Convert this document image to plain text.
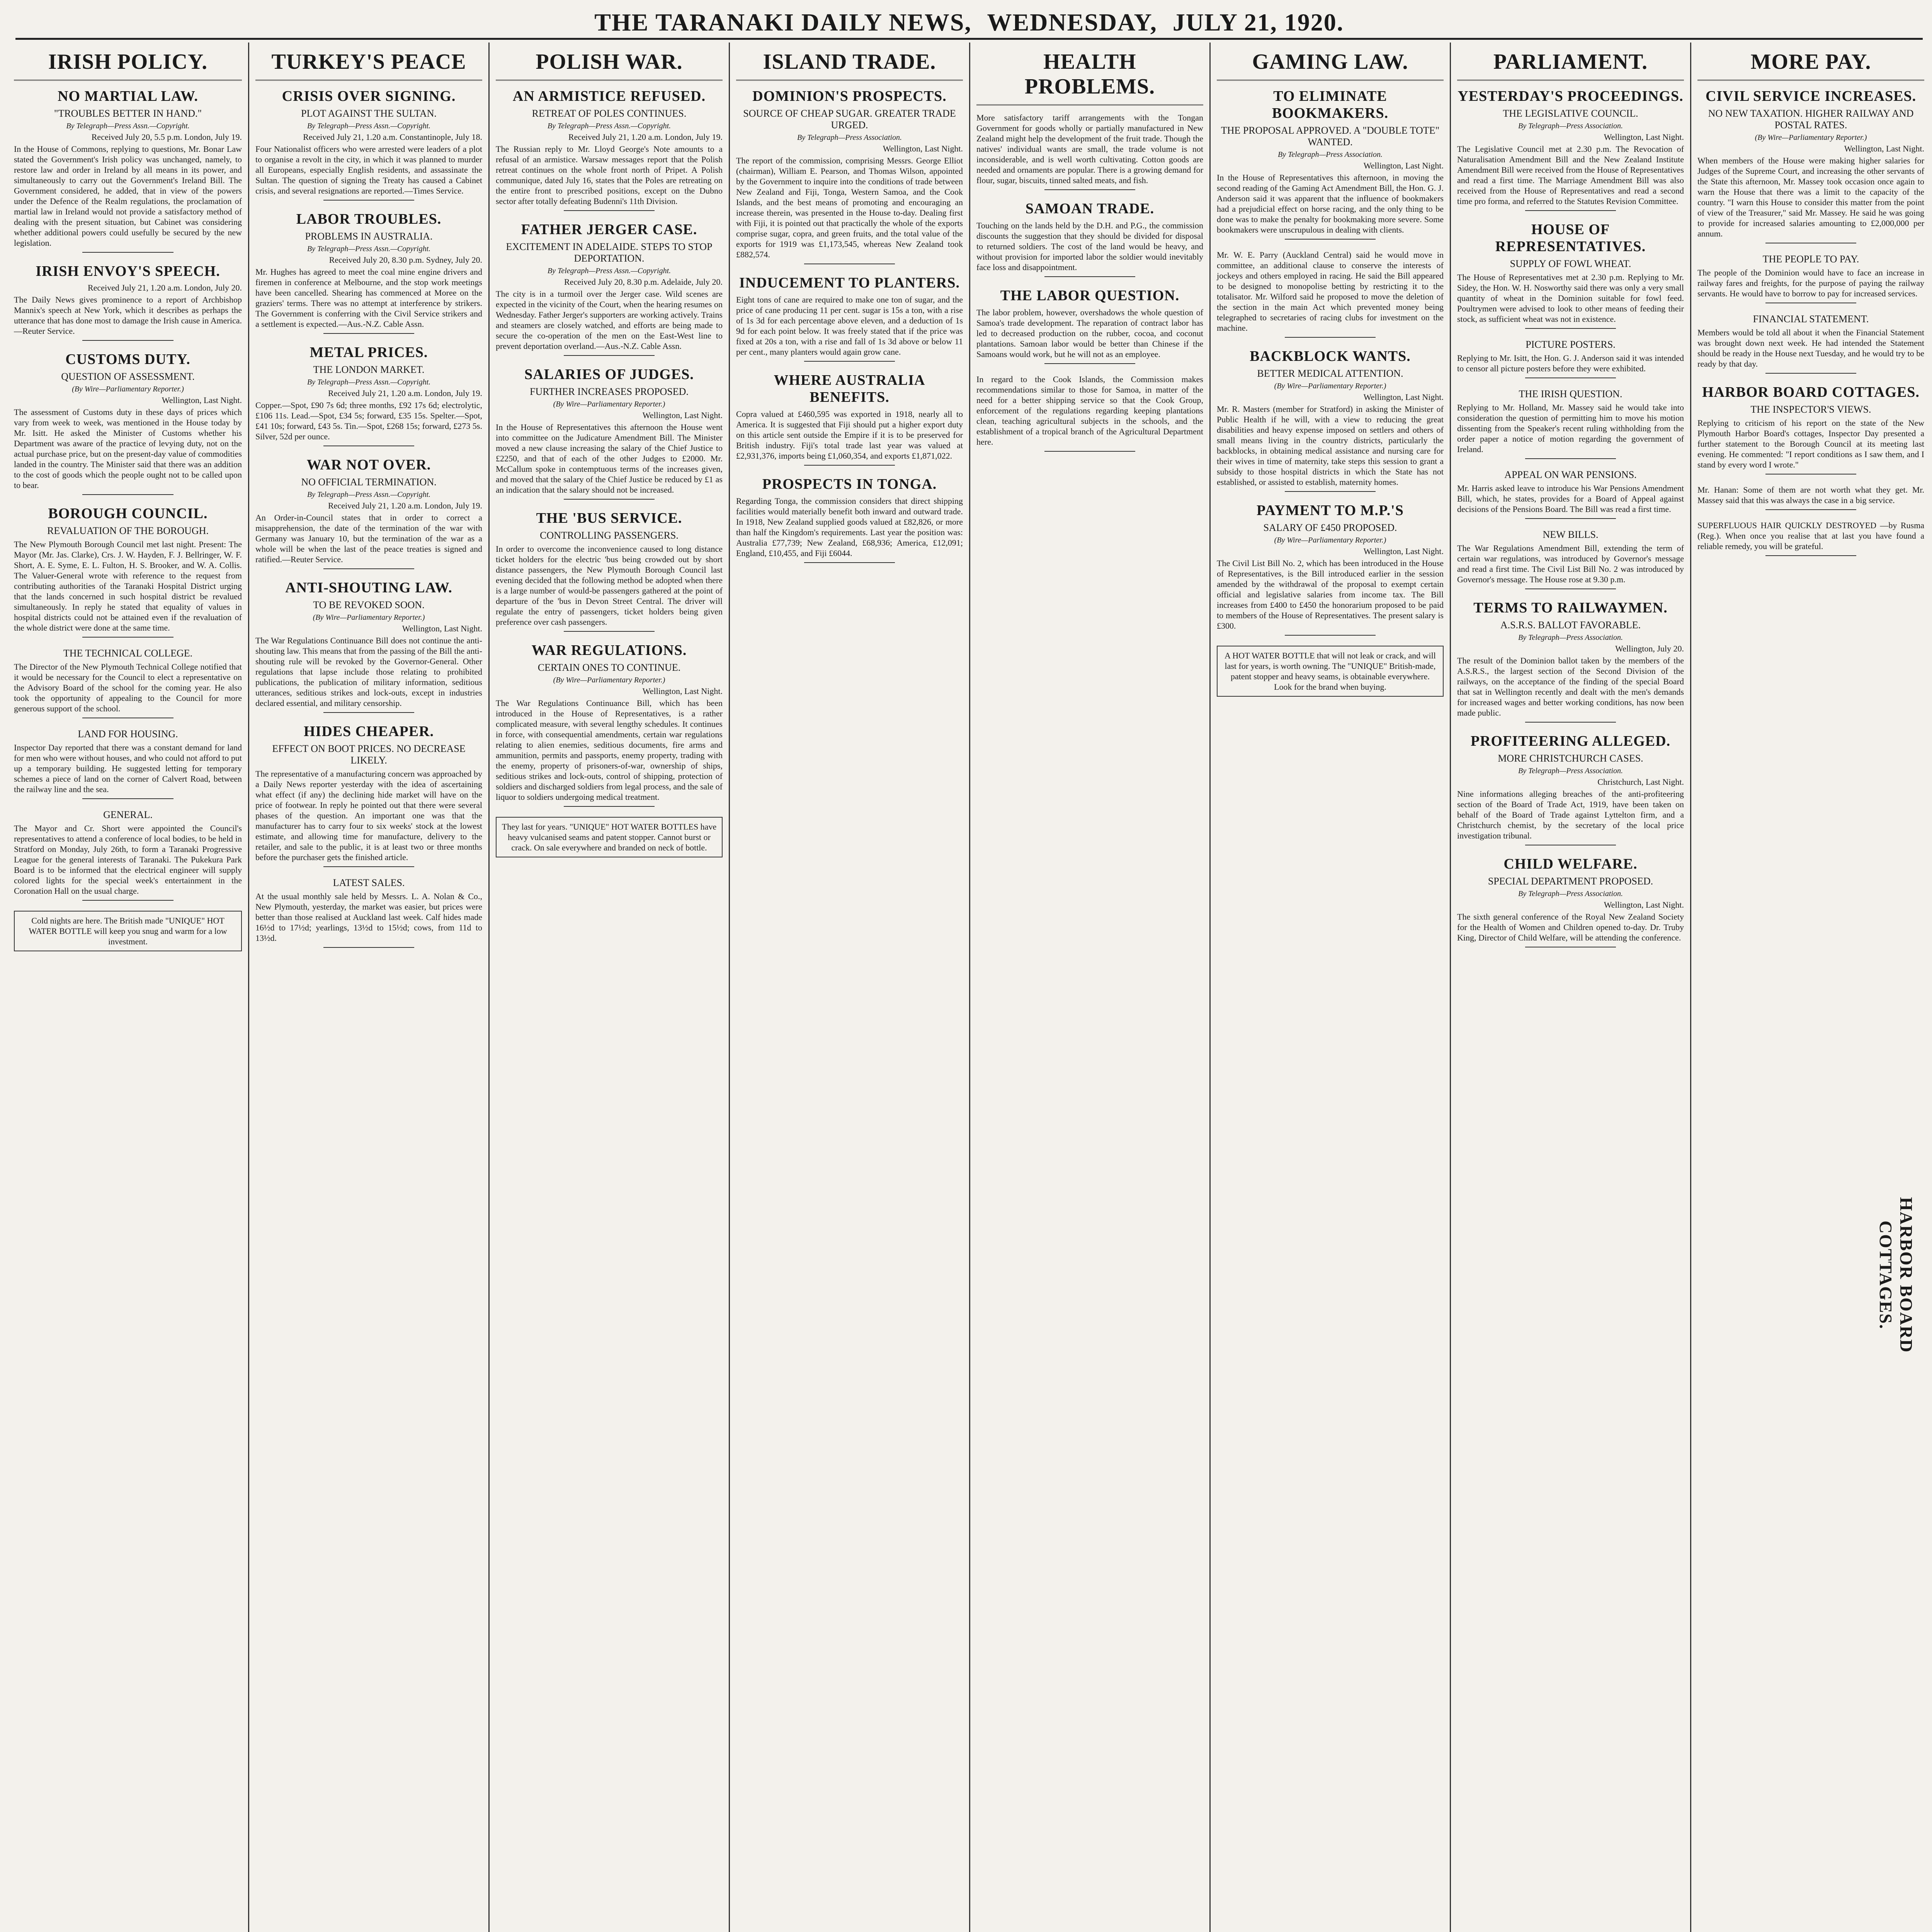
THE TARANAKI DAILY NEWS, WEDNESDAY, JULY 21, 1920.
IRISH POLICY.
NO MARTIAL LAW.
"TROUBLES BETTER IN HAND."
By Telegraph—Press Assn.—Copyright.
Received July 20, 5.5 p.m. London, July 19.
In the House of Commons, replying to questions, Mr. Bonar Law stated the Government's Irish policy was unchanged, namely, to restore law and order in Ireland by all means in its power, and simultaneously to carry out the Government's Ireland Bill. The Government considered, he added, that in view of the powers under the Defence of the Realm regulations, the proclamation of martial law in Ireland would not provide a satisfactory method of dealing with the present situation, but Cabinet was considering whether additional powers could usefully be secured by the new legislation.
IRISH ENVOY'S SPEECH.
Received July 21, 1.20 a.m. London, July 20.
The Daily News gives prominence to a report of Archbishop Mannix's speech at New York, which it describes as perhaps the utterance that has done most to damage the Irish cause in America.—Reuter Service.
CUSTOMS DUTY.
QUESTION OF ASSESSMENT.
(By Wire—Parliamentary Reporter.)
Wellington, Last Night.
The assessment of Customs duty in these days of prices which vary from week to week, was mentioned in the House today by Mr. Isitt. He asked the Minister of Customs whether his Department was aware of the practice of levying duty, not on the actual purchase price, but on the present-day value of commodities landed in the country. The Minister said that there was an addition to the cost of goods which the people ought not to be called upon to bear.
BOROUGH COUNCIL.
REVALUATION OF THE BOROUGH.
The New Plymouth Borough Council met last night. Present: The Mayor (Mr. Jas. Clarke), Crs. J. W. Hayden, F. J. Bellringer, W. F. Short, A. E. Syme, E. L. Fulton, H. S. Brooker, and W. A. Collis. The Valuer-General wrote with reference to the request from contributing authorities of the Taranaki Hospital District urging that the lands concerned in such hospital district be revalued simultaneously. In reply he stated that equality of values in hospital districts could not be attained even if the revaluation of the whole district were done at the same time.
THE TECHNICAL COLLEGE.
The Director of the New Plymouth Technical College notified that it would be necessary for the Council to elect a representative on the Advisory Board of the school for the coming year. He also took the opportunity of appealing to the Council for more generous support of the school.
LAND FOR HOUSING.
Inspector Day reported that there was a constant demand for land for men who were without houses, and who could not afford to put up a temporary building. He suggested letting for temporary schemes a piece of land on the corner of Calvert Road, between the railway line and the sea.
GENERAL.
The Mayor and Cr. Short were appointed the Council's representatives to attend a conference of local bodies, to be held in Stratford on Monday, July 26th, to form a Taranaki Progressive League for the general interests of Taranaki. The Pukekura Park Board is to be informed that the electrical engineer will supply colored lights for the special week's entertainment in the Coronation Hall on the usual charge.
Cold nights are here. The British made "UNIQUE" HOT WATER BOTTLE will keep you snug and warm for a low investment.
TURKEY'S PEACE
CRISIS OVER SIGNING.
PLOT AGAINST THE SULTAN.
By Telegraph—Press Assn.—Copyright.
Received July 21, 1.20 a.m. Constantinople, July 18.
Four Nationalist officers who were arrested were leaders of a plot to organise a revolt in the city, in which it was planned to murder all Europeans, especially English residents, and assassinate the Sultan. The question of signing the Treaty has caused a Cabinet crisis, and several resignations are reported.—Times Service.
LABOR TROUBLES.
PROBLEMS IN AUSTRALIA.
By Telegraph—Press Assn.—Copyright.
Received July 20, 8.30 p.m. Sydney, July 20.
Mr. Hughes has agreed to meet the coal mine engine drivers and firemen in conference at Melbourne, and the stop work meetings have been cancelled. Shearing has commenced at Moree on the graziers' terms. There was no attempt at interference by strikers. The Government is conferring with the Civil Service strikers and a settlement is expected.—Aus.-N.Z. Cable Assn.
METAL PRICES.
THE LONDON MARKET.
By Telegraph—Press Assn.—Copyright.
Received July 21, 1.20 a.m. London, July 19.
Copper.—Spot, £90 7s 6d; three months, £92 17s 6d; electrolytic, £106 11s. Lead.—Spot, £34 5s; forward, £35 15s. Spelter.—Spot, £41 10s; forward, £43 5s. Tin.—Spot, £268 15s; forward, £273 5s. Silver, 52d per ounce.
WAR NOT OVER.
NO OFFICIAL TERMINATION.
By Telegraph—Press Assn.—Copyright.
Received July 21, 1.20 a.m. London, July 19.
An Order-in-Council states that in order to correct a misapprehension, the date of the termination of the war with Germany was January 10, but the termination of the war as a whole will be when the last of the peace treaties is signed and ratified.—Reuter Service.
ANTI-SHOUTING LAW.
TO BE REVOKED SOON.
(By Wire—Parliamentary Reporter.)
Wellington, Last Night.
The War Regulations Continuance Bill does not continue the anti-shouting law. This means that from the passing of the Bill the anti-shouting rule will be revoked by the Governor-General. Other regulations that lapse include those relating to prohibited publications, the publication of military information, seditious utterances, seditious strikes and lock-outs, except in industries declared essential, and military censorship.
HIDES CHEAPER.
EFFECT ON BOOT PRICES. NO DECREASE LIKELY.
The representative of a manufacturing concern was approached by a Daily News reporter yesterday with the idea of ascertaining what effect (if any) the declining hide market will have on the price of footwear. In reply he pointed out that there were several phases of the question. An important one was that the manufacturer has to carry four to six weeks' stock at the lowest estimate, and allowing time for manufacture, delivery to the retailer, and sale to the public, it is at least two or three months before the purchaser gets the finished article.
LATEST SALES.
At the usual monthly sale held by Messrs. L. A. Nolan & Co., New Plymouth, yesterday, the market was easier, but prices were better than those realised at Auckland last week. Calf hides made 16½d to 17½d; yearlings, 13½d to 15½d; cows, from 11d to 13½d.
POLISH WAR.
AN ARMISTICE REFUSED.
RETREAT OF POLES CONTINUES.
By Telegraph—Press Assn.—Copyright.
Received July 21, 1.20 a.m. London, July 19.
The Russian reply to Mr. Lloyd George's Note amounts to a refusal of an armistice. Warsaw messages report that the Polish retreat continues on the whole front north of Pripet. A Polish communique, dated July 16, states that the Poles are retreating on the entire front to prescribed positions, except on the Dubno sector after totally defeating Budenni's 11th Division.
FATHER JERGER CASE.
EXCITEMENT IN ADELAIDE. STEPS TO STOP DEPORTATION.
By Telegraph—Press Assn.—Copyright.
Received July 20, 8.30 p.m. Adelaide, July 20.
The city is in a turmoil over the Jerger case. Wild scenes are expected in the vicinity of the Court, when the hearing resumes on Wednesday. Father Jerger's supporters are working actively. Trains and steamers are closely watched, and efforts are being made to secure the co-operation of the men on the East-West line to prevent deportation overland.—Aus.-N.Z. Cable Assn.
SALARIES OF JUDGES.
FURTHER INCREASES PROPOSED.
(By Wire—Parliamentary Reporter.)
Wellington, Last Night.
In the House of Representatives this afternoon the House went into committee on the Judicature Amendment Bill. The Minister moved a new clause increasing the salary of the Chief Justice to £2250, and that of each of the other Judges to £2000. Mr. McCallum spoke in contemptuous terms of the increases given, and moved that the salary of the Chief Justice be reduced by £1 as an indication that the salary should not be increased.
THE 'BUS SERVICE.
CONTROLLING PASSENGERS.
In order to overcome the inconvenience caused to long distance ticket holders for the electric 'bus being crowded out by short distance passengers, the New Plymouth Borough Council last evening decided that the following method be adopted when there is a large number of would-be passengers gathered at the point of departure of the 'bus in Devon Street Central. The driver will regulate the entry of passengers, ticket holders being given preference over cash passengers.
WAR REGULATIONS.
CERTAIN ONES TO CONTINUE.
(By Wire—Parliamentary Reporter.)
Wellington, Last Night.
The War Regulations Continuance Bill, which has been introduced in the House of Representatives, is a rather complicated measure, with several lengthy schedules. It continues in force, with consequential amendments, certain war regulations relating to alien enemies, seditious documents, fire arms and ammunition, permits and passports, enemy property, trading with the enemy, property of prisoners-of-war, ownership of ships, seditious strikes and lock-outs, control of shipping, protection of soldiers and discharged soldiers from legal process, and the sale of liquor to soldiers undergoing medical treatment.
They last for years. "UNIQUE" HOT WATER BOTTLES have heavy vulcanised seams and patent stopper. Cannot burst or crack. On sale everywhere and branded on neck of bottle.
ISLAND TRADE.
DOMINION'S PROSPECTS.
SOURCE OF CHEAP SUGAR. GREATER TRADE URGED.
By Telegraph—Press Association.
Wellington, Last Night.
The report of the commission, comprising Messrs. George Elliot (chairman), William E. Pearson, and Thomas Wilson, appointed by the Government to inquire into the conditions of trade between New Zealand and Fiji, Tonga, Western Samoa, and the Cook Islands, and the best means of promoting and encouraging an increase therein, was presented in the House to-day. Dealing first with Fiji, it is pointed out that practically the whole of the exports comprise sugar, copra, and green fruits, and the total value of the exports for 1919 was £1,173,545, whereas New Zealand took £882,574.
INDUCEMENT TO PLANTERS.
Eight tons of cane are required to make one ton of sugar, and the price of cane producing 11 per cent. sugar is 15s a ton, with a rise of 1s 3d for each percentage above eleven, and a deduction of 1s 9d for each point below. It was freely stated that if the price was fixed at 20s a ton, with a rise and fall of 1s 3d above or below 11 per cent., many planters would again grow cane.
WHERE AUSTRALIA BENEFITS.
Copra valued at £460,595 was exported in 1918, nearly all to America. It is suggested that Fiji should put a higher export duty on this article sent outside the Empire if it is to be preserved for British industry. Fiji's total trade last year was valued at £2,931,376, imports being £1,060,354, and exports £1,871,022.
PROSPECTS IN TONGA.
Regarding Tonga, the commission considers that direct shipping facilities would materially benefit both inward and outward trade. In 1918, New Zealand supplied goods valued at £82,826, or more than half the Kingdom's requirements. Last year the position was: Australia £77,739; New Zealand, £68,936; America, £12,091; England, £10,455, and Fiji £6044.
HEALTH PROBLEMS.
More satisfactory tariff arrangements with the Tongan Government for goods wholly or partially manufactured in New Zealand might help the development of the fruit trade. Though the natives' individual wants are small, the trade volume is not inconsiderable, and is well worth cultivating. Cotton goods are needed and ornaments are popular. There is a growing demand for flour, sugar, biscuits, tinned salted meats, and fish.
SAMOAN TRADE.
Touching on the lands held by the D.H. and P.G., the commission discounts the suggestion that they should be divided for disposal to returned soldiers. The cost of the land would be heavy, and without provision for imported labor the soldier would inevitably face loss and disappointment.
THE LABOR QUESTION.
The labor problem, however, overshadows the whole question of Samoa's trade development. The reparation of contract labor has led to decreased production on the rubber, cocoa, and coconut plantations. Samoan labor would be better than Chinese if the Samoans would work, but he will not as an employee.
In regard to the Cook Islands, the Commission makes recommendations similar to those for Samoa, in matter of the need for a better shipping service so that the Cook Group, enforcement of the regulations regarding keeping plantations clean, teaching agricultural subjects in the schools, and the establishment of a tropical branch of the Agricultural Department here.
GAMING LAW.
TO ELIMINATE BOOKMAKERS.
THE PROPOSAL APPROVED. A "DOUBLE TOTE" WANTED.
By Telegraph—Press Association.
Wellington, Last Night.
In the House of Representatives this afternoon, in moving the second reading of the Gaming Act Amendment Bill, the Hon. G. J. Anderson said it was apparent that the influence of bookmakers had a prejudicial effect on horse racing, and the only thing to be done was to make the penalty for bookmaking more severe. Some bookmakers were unscrupulous in dealing with clients.
Mr. W. E. Parry (Auckland Central) said he would move in committee, an additional clause to conserve the interests of jockeys and others employed in racing. He said the Bill appeared to be designed to monopolise betting by restricting it to the totalisator. Mr. Wilford said he proposed to move the deletion of the section in the main Act which prevented money being telegraphed to secretaries of racing clubs for investment on the machine.
BACKBLOCK WANTS.
BETTER MEDICAL ATTENTION.
(By Wire—Parliamentary Reporter.)
Wellington, Last Night.
Mr. R. Masters (member for Stratford) in asking the Minister of Public Health if he will, with a view to reducing the great disabilities and heavy expense imposed on settlers and others of small means living in the country districts, particularly the backblocks, in obtaining medical assistance and nursing care for their wives in time of maternity, take steps this session to grant a subsidy to those hospital districts in which the State has not established, or assisted to establish, maternity homes.
PAYMENT TO M.P.'S
SALARY OF £450 PROPOSED.
(By Wire—Parliamentary Reporter.)
Wellington, Last Night.
The Civil List Bill No. 2, which has been introduced in the House of Representatives, is the Bill introduced earlier in the session amended by the withdrawal of the proposal to exempt certain official and legislative salaries from income tax. The Bill increases from £400 to £450 the honorarium proposed to be paid to members of the House of Representatives. The present salary is £300.
A HOT WATER BOTTLE that will not leak or crack, and will last for years, is worth owning. The "UNIQUE" British-made, patent stopper and heavy seams, is obtainable everywhere. Look for the brand when buying.
PARLIAMENT.
YESTERDAY'S PROCEEDINGS.
THE LEGISLATIVE COUNCIL.
By Telegraph—Press Association.
Wellington, Last Night.
The Legislative Council met at 2.30 p.m. The Revocation of Naturalisation Amendment Bill and the New Zealand Institute Amendment Bill were received from the House of Representatives and read a first time. The Marriage Amendment Bill was also received from the House of Representatives and read a second time pro forma, and referred to the Statutes Revision Committee.
HOUSE OF REPRESENTATIVES.
SUPPLY OF FOWL WHEAT.
The House of Representatives met at 2.30 p.m. Replying to Mr. Sidey, the Hon. W. H. Nosworthy said there was only a very small quantity of wheat in the Dominion suitable for fowl feed. Poultrymen were advised to look to other means of feeding their stock, as sufficient wheat was not in existence.
PICTURE POSTERS.
Replying to Mr. Isitt, the Hon. G. J. Anderson said it was intended to censor all picture posters before they were exhibited.
THE IRISH QUESTION.
Replying to Mr. Holland, Mr. Massey said he would take into consideration the question of permitting him to move his motion dissenting from the Speaker's recent ruling withholding from the order paper a notice of motion regarding the government of Ireland.
APPEAL ON WAR PENSIONS.
Mr. Harris asked leave to introduce his War Pensions Amendment Bill, which, he states, provides for a Board of Appeal against decisions of the Pensions Board. The Bill was read a first time.
NEW BILLS.
The War Regulations Amendment Bill, extending the term of certain war regulations, was introduced by Governor's message and read a first time. The Civil List Bill No. 2 was introduced by Governor's message. The House rose at 9.30 p.m.
TERMS TO RAILWAYMEN.
A.S.R.S. BALLOT FAVORABLE.
By Telegraph—Press Association.
Wellington, July 20.
The result of the Dominion ballot taken by the members of the A.S.R.S., the largest section of the Second Division of the railways, on the acceptance of the finding of the special Board that sat in Wellington recently and dealt with the men's demands for increased wages and better working conditions, has now been made public.
PROFITEERING ALLEGED.
MORE CHRISTCHURCH CASES.
By Telegraph—Press Association.
Christchurch, Last Night.
Nine informations alleging breaches of the anti-profiteering section of the Board of Trade Act, 1919, have been taken on behalf of the Board of Trade against Lyttelton firm, and a Christchurch chemist, by the secretary of the local price investigation tribunal.
CHILD WELFARE.
SPECIAL DEPARTMENT PROPOSED.
By Telegraph—Press Association.
Wellington, Last Night.
The sixth general conference of the Royal New Zealand Society for the Health of Women and Children opened to-day. Dr. Truby King, Director of Child Welfare, will be attending the conference.
MORE PAY.
CIVIL SERVICE INCREASES.
NO NEW TAXATION. HIGHER RAILWAY AND POSTAL RATES.
(By Wire—Parliamentary Reporter.)
Wellington, Last Night.
When members of the House were making higher salaries for Judges of the Supreme Court, and increasing the other servants of the State this afternoon, Mr. Massey took occasion once again to warn the House that there was a limit to the capacity of the country. "I warn this House to consider this matter from the point of view of the Treasurer," said Mr. Massey. He said he was going to provide for increased salaries amounting to £2,000,000 per annum.
THE PEOPLE TO PAY.
The people of the Dominion would have to face an increase in railway fares and freights, for the purpose of paying the railway servants. He would have to borrow to pay for increased services.
FINANCIAL STATEMENT.
Members would be told all about it when the Financial Statement was brought down next week. He had intended the Statement should be ready in the House next Tuesday, and he would try to be ready by that day.
HARBOR BOARD COTTAGES.
THE INSPECTOR'S VIEWS.
Replying to criticism of his report on the state of the New Plymouth Harbor Board's cottages, Inspector Day presented a further statement to the Borough Council at its meeting last evening. He commented: "I report conditions as I saw them, and I stand by every word I wrote."
Mr. Hanan: Some of them are not worth what they get. Mr. Massey said that this was always the case in a big service.
SUPERFLUOUS HAIR QUICKLY DESTROYED —by Rusma (Reg.). When once you realise that at last you have found a reliable remedy, you will be grateful.
HARBOR BOARD COTTAGES.
